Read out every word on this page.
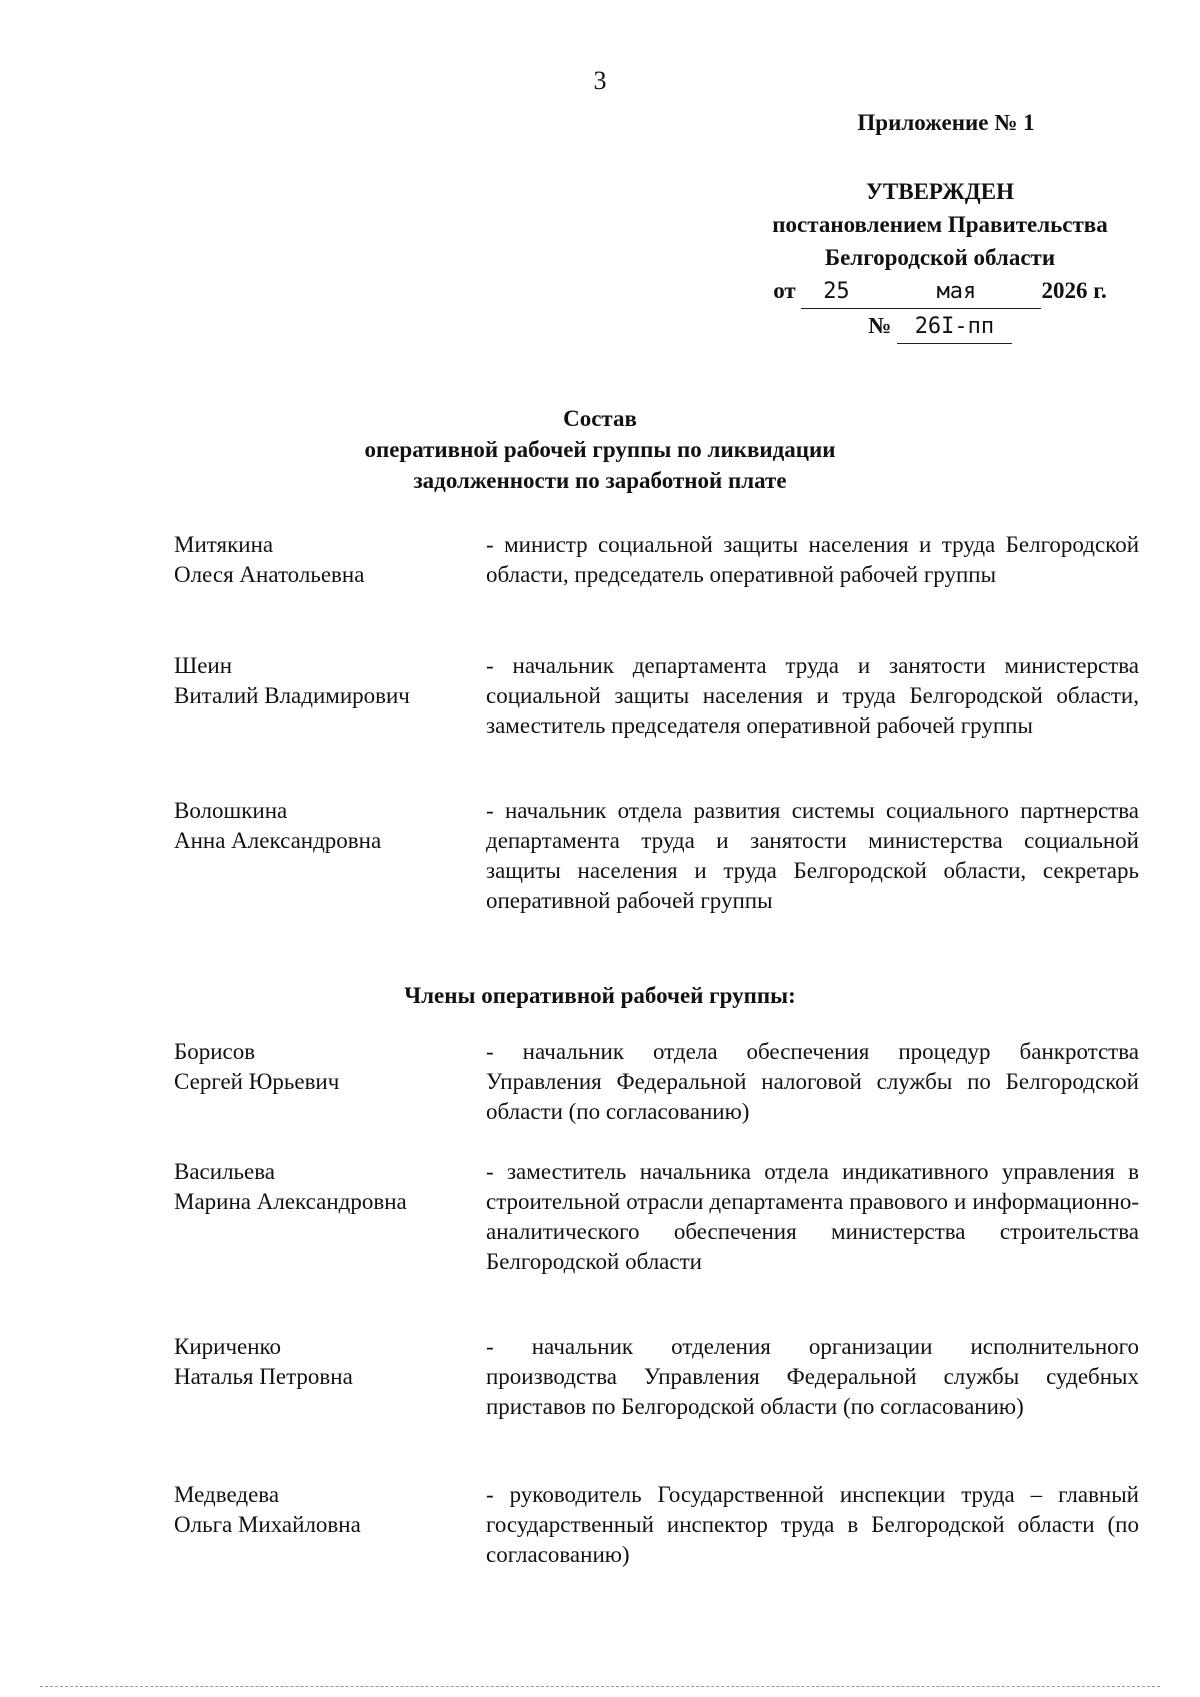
3
Приложение № 1
УТВЕРЖДЕН
постановлением Правительства
Белгородской области
от 25	мая	2026 г.
№ 26I-пп
Состав
оперативной рабочей группы по ликвидации
задолженности по заработной плате
Митякина
Олеся Анатольевна
- министр социальной защиты населения и труда Белгородской области, председатель оперативной рабочей группы
Шеин
Виталий Владимирович
- начальник департамента труда и занятости министерства социальной защиты населения и труда Белгородской области, заместитель председателя оперативной рабочей группы
Волошкина
Анна Александровна
- начальник отдела развития системы социального партнерства департамента труда и занятости министерства социальной защиты населения и труда Белгородской области, секретарь оперативной рабочей группы
Члены оперативной рабочей группы:
Борисов
Сергей Юрьевич
- начальник отдела обеспечения процедур банкротства Управления Федеральной налоговой службы по Белгородской области (по согласованию)
Васильева
Марина Александровна
- заместитель начальника отдела индикативного управления в строительной отрасли департамента правового и информационно-аналитического обеспечения министерства строительства Белгородской области
Кириченко
Наталья Петровна
- начальник отделения организации исполнительного производства Управления Федеральной службы судебных приставов по Белгородской области (по согласованию)
Медведева
Ольга Михайловна
- руководитель Государственной инспекции труда – главный государственный инспектор труда в Белгородской области (по согласованию)
